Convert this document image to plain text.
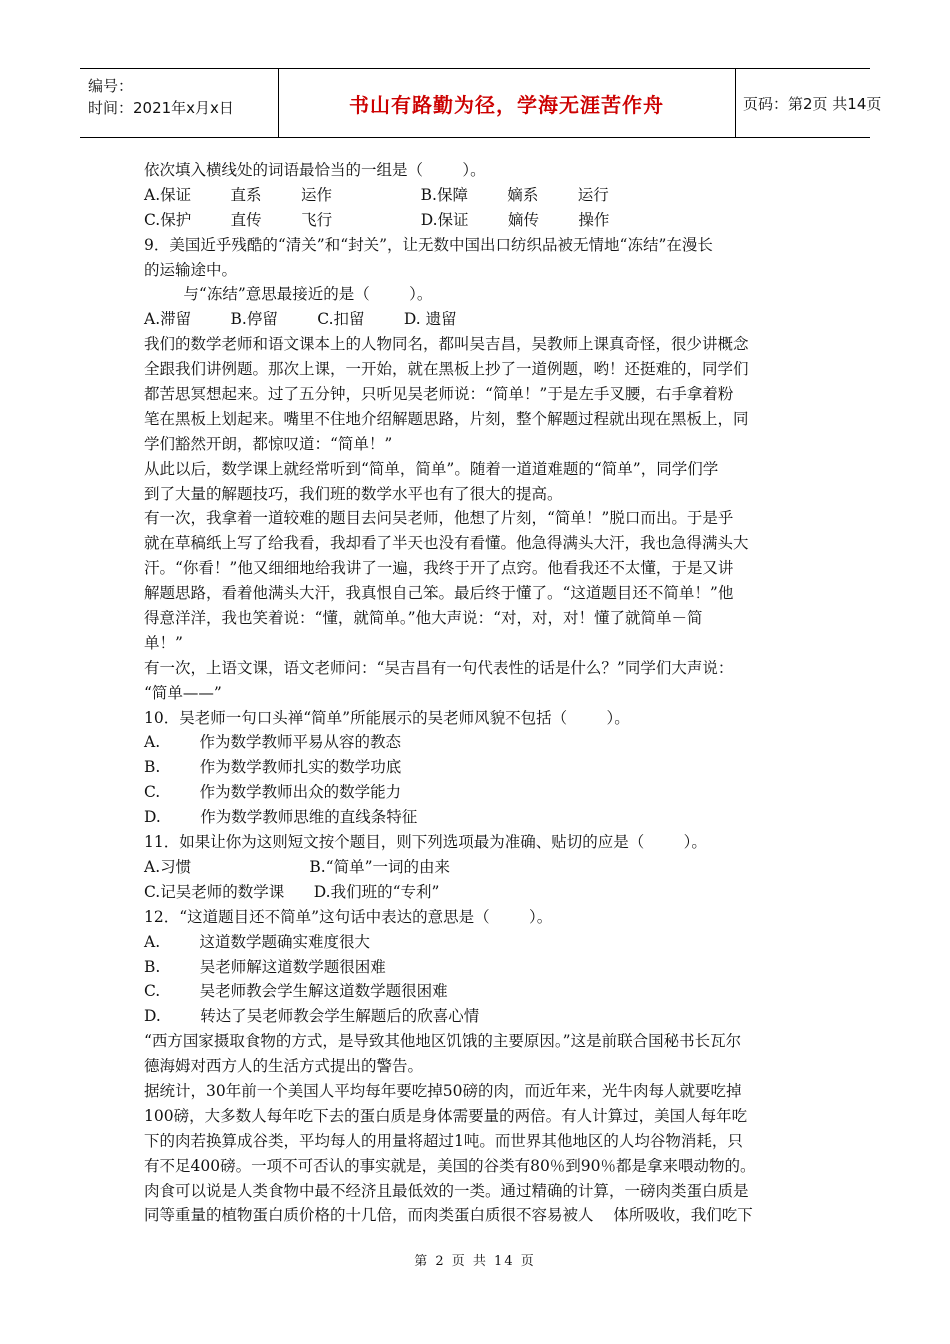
编号：
时间：2021年x月x日	书山有路勤为径，学海无涯苦作舟	页码：第2页 共14页
依次填入横线处的词语最恰当的一组是（        ）。
A.保证        直系        运作                  B.保障        嫡系        运行
C.保护        直传        飞行                  D.保证        嫡传        操作
9．美国近乎残酷的“清关”和“封关”，让无数中国出口纺织品被无情地“冻结”在漫长
的运输途中。
与“冻结”意思最接近的是（        ）。
A.滞留        B.停留        C.扣留        D. 遗留
我们的数学老师和语文课本上的人物同名，都叫吴吉昌，吴教师上课真奇怪，很少讲概念
全跟我们讲例题。那次上课，一开始，就在黑板上抄了一道例题，哟！还挺难的，同学们
都苦思冥想起来。过了五分钟，只听见吴老师说：“简单！”于是左手叉腰，右手拿着粉
笔在黑板上划起来。嘴里不住地介绍解题思路，片刻，整个解题过程就出现在黑板上，同
学们豁然开朗，都惊叹道：“简单！”
从此以后，数学课上就经常听到“简单，简单”。随着一道道难题的“简单”，同学们学
到了大量的解题技巧，我们班的数学水平也有了很大的提高。
有一次，我拿着一道较难的题目去问吴老师，他想了片刻，“简单！”脱口而出。于是乎
就在草稿纸上写了给我看，我却看了半天也没有看懂。他急得满头大汗，我也急得满头大
汗。“你看！”他又细细地给我讲了一遍，我终于开了点窍。他看我还不太懂，于是又讲
解题思路，看着他满头大汗，我真恨自己笨。最后终于懂了。“这道题目还不简单！”他
得意洋洋，我也笑着说：“懂，就简单。”他大声说：“对，对，对！懂了就简单－简
单！”
有一次，上语文课，语文老师问：“吴吉昌有一句代表性的话是什么？”同学们大声说：
“简单——”
10．吴老师一句口头禅“简单”所能展示的吴老师风貌不包括（        ）。
A.        作为数学教师平易从容的教态
B.        作为数学教师扎实的数学功底
C.        作为数学教师出众的数学能力
D.        作为数学教师思维的直线条特征
11．如果让你为这则短文按个题目，则下列选项最为准确、贴切的应是（        ）。
A.习惯                        B.“简单”一词的由来
C.记吴老师的数学课      D.我们班的“专利”
12．“这道题目还不简单”这句话中表达的意思是（        ）。
A.        这道数学题确实难度很大
B.        吴老师解这道数学题很困难
C.        吴老师教会学生解这道数学题很困难
D.        转达了吴老师教会学生解题后的欣喜心情
“西方国家摄取食物的方式，是导致其他地区饥饿的主要原因。”这是前联合国秘书长瓦尔
德海姆对西方人的生活方式提出的警告。
据统计，30年前一个美国人平均每年要吃掉50磅的肉，而近年来，光牛肉每人就要吃掉
100磅，大多数人每年吃下去的蛋白质是身体需要量的两倍。有人计算过，美国人每年吃
下的肉若换算成谷类，平均每人的用量将超过1吨。而世界其他地区的人均谷物消耗，只
有不足400磅。一项不可否认的事实就是，美国的谷类有80％到90％都是拿来喂动物的。
肉食可以说是人类食物中最不经济且最低效的一类。通过精确的计算，一磅肉类蛋白质是
同等重量的植物蛋白质价格的十几倍，而肉类蛋白质很不容易被人    体所吸收，我们吃下
第 2 页 共 14 页
